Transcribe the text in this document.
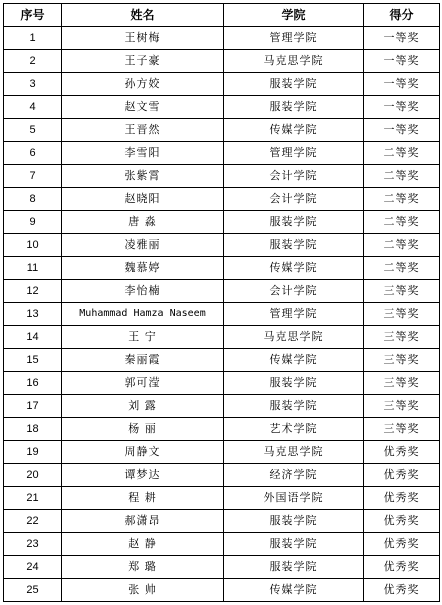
序号	姓名	学院	得分
1	王树梅	管理学院	一等奖
2	王子豪	马克思学院	一等奖
3	孙方姣	服装学院	一等奖
4	赵文雪	服装学院	一等奖
5	王晋然	传媒学院	一等奖
6	李雪阳	管理学院	二等奖
7	张紫霄	会计学院	二等奖
8	赵晓阳	会计学院	二等奖
9	唐 淼	服装学院	二等奖
10	凌雅丽	服装学院	二等奖
11	魏慕婷	传媒学院	二等奖
12	李怡楠	会计学院	三等奖
13	Muhammad Hamza Naseem	管理学院	三等奖
14	王 宁	马克思学院	三等奖
15	秦丽霞	传媒学院	三等奖
16	郭可滢	服装学院	三等奖
17	刘 露	服装学院	三等奖
18	杨 丽	艺术学院	三等奖
19	周静文	马克思学院	优秀奖
20	谭梦达	经济学院	优秀奖
21	程 耕	外国语学院	优秀奖
22	郝潇昂	服装学院	优秀奖
23	赵 静	服装学院	优秀奖
24	郑 璐	服装学院	优秀奖
25	张 帅	传媒学院	优秀奖
